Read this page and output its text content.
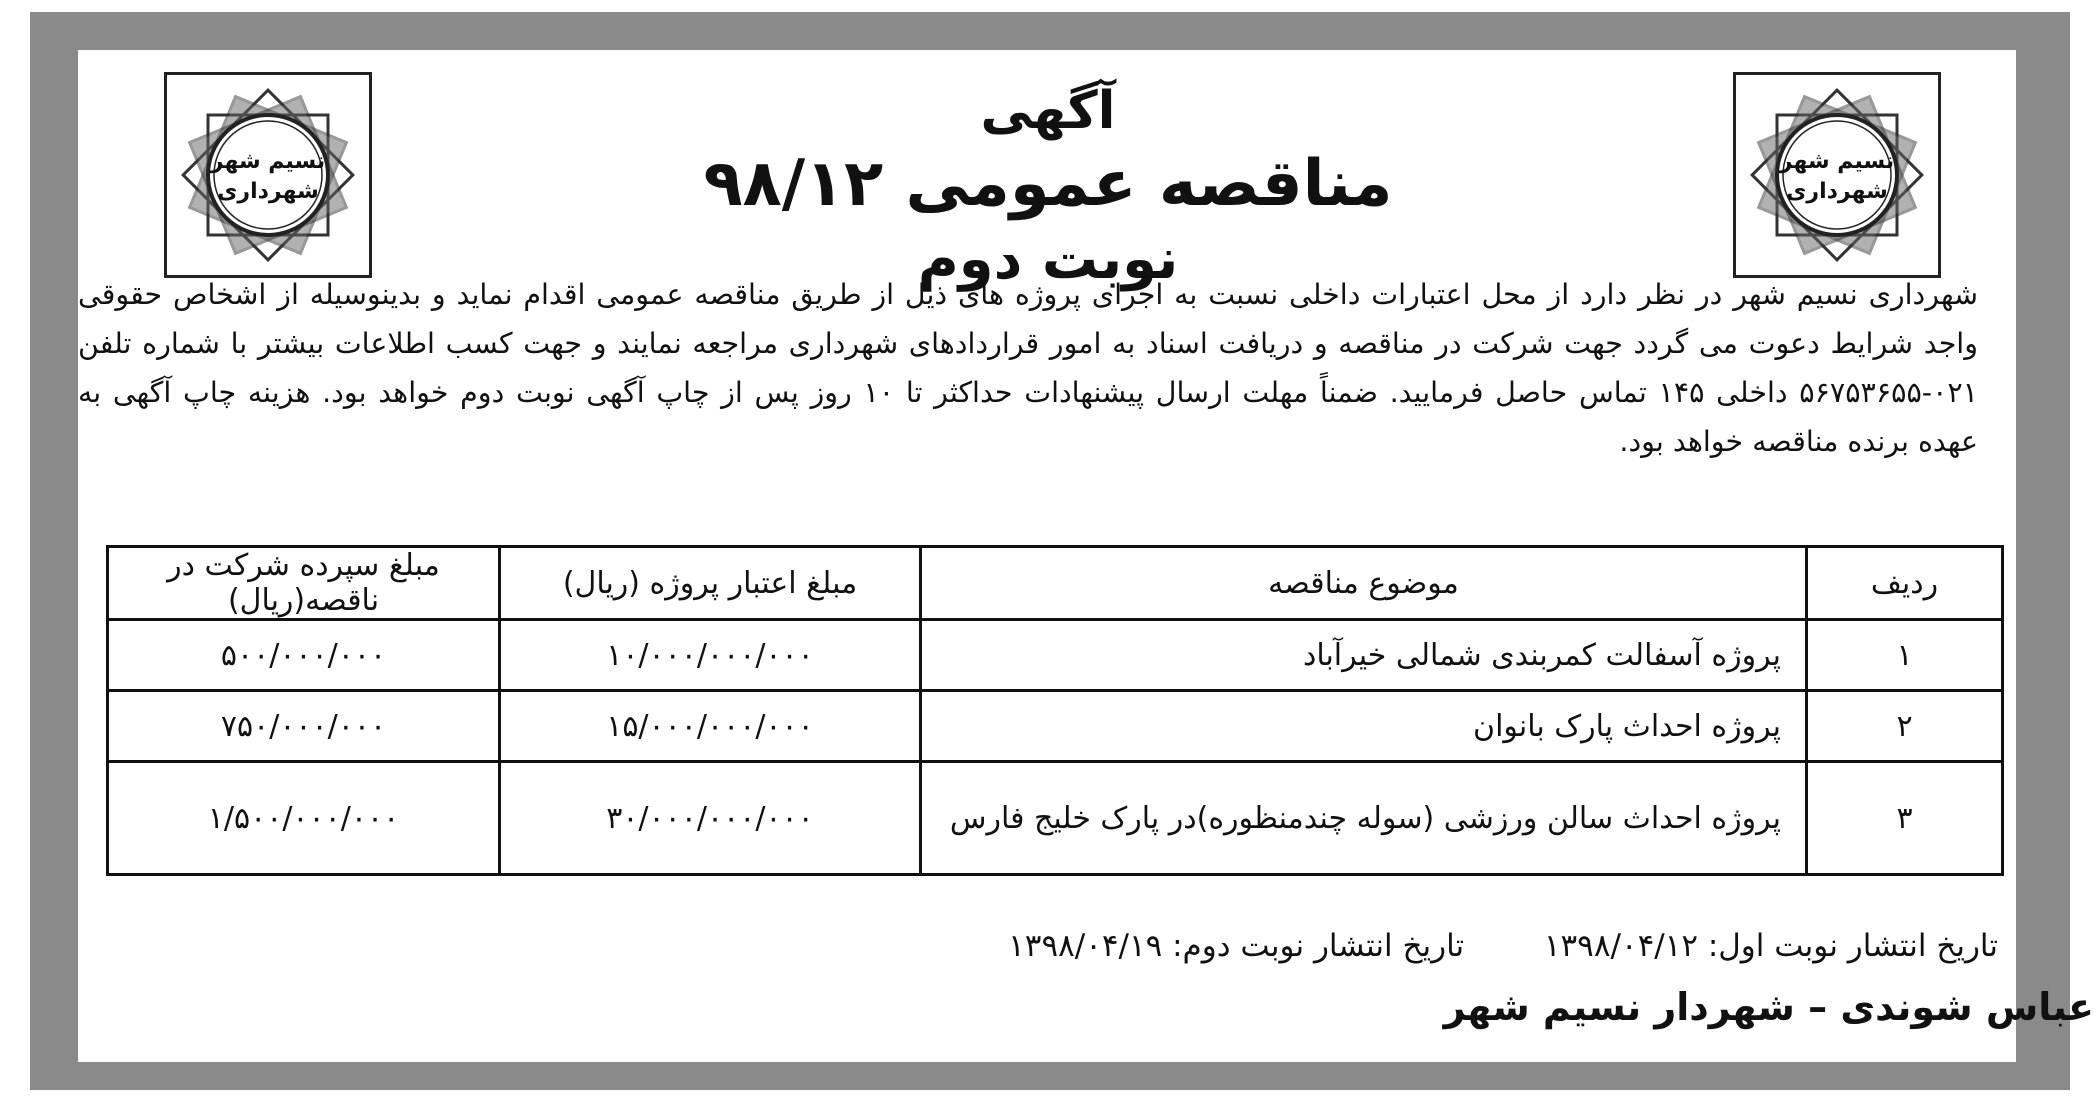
نسیم شهر
شهرداری
نسیم شهر
شهرداری
آگهی
مناقصه عمومی ۹۸/۱۲
نوبت دوم
شهرداری نسیم شهر در نظر دارد از محل اعتبارات داخلی نسبت به اجرای پروژه های ذیل از طریق مناقصه عمومی اقدام نماید و بدینوسیله از اشخاص حقوقی واجد شرایط دعوت می گردد جهت شرکت در مناقصه و دریافت اسناد به امور قراردادهای شهرداری مراجعه نمایند و جهت کسب اطلاعات بیشتر با شماره تلفن ۰۲۱-۵۶۷۵۳۶۵۵ داخلی ۱۴۵ تماس حاصل فرمایید. ضمناً مهلت ارسال پیشنهادات حداکثر تا ۱۰ روز پس از چاپ آگهی نوبت دوم خواهد بود. هزینه چاپ آگهی به عهده برنده مناقصه خواهد بود.
ردیف	موضوع مناقصه	مبلغ اعتبار پروژه (ریال)	مبلغ سپرده شرکت در ناقصه(ریال)
۱	پروژه آسفالت کمربندی شمالی خیرآباد	۱۰/۰۰۰/۰۰۰/۰۰۰	۵۰۰/۰۰۰/۰۰۰
۲	پروژه احداث پارک بانوان	۱۵/۰۰۰/۰۰۰/۰۰۰	۷۵۰/۰۰۰/۰۰۰
۳	پروژه احداث سالن ورزشی (سوله چندمنظوره)در پارک خلیج فارس	۳۰/۰۰۰/۰۰۰/۰۰۰	۱/۵۰۰/۰۰۰/۰۰۰
تاریخ انتشار نوبت اول: ۱۳۹۸/۰۴/۱۲  تاریخ انتشار نوبت دوم: ۱۳۹۸/۰۴/۱۹
عباس شوندی – شهردار نسیم شهر
